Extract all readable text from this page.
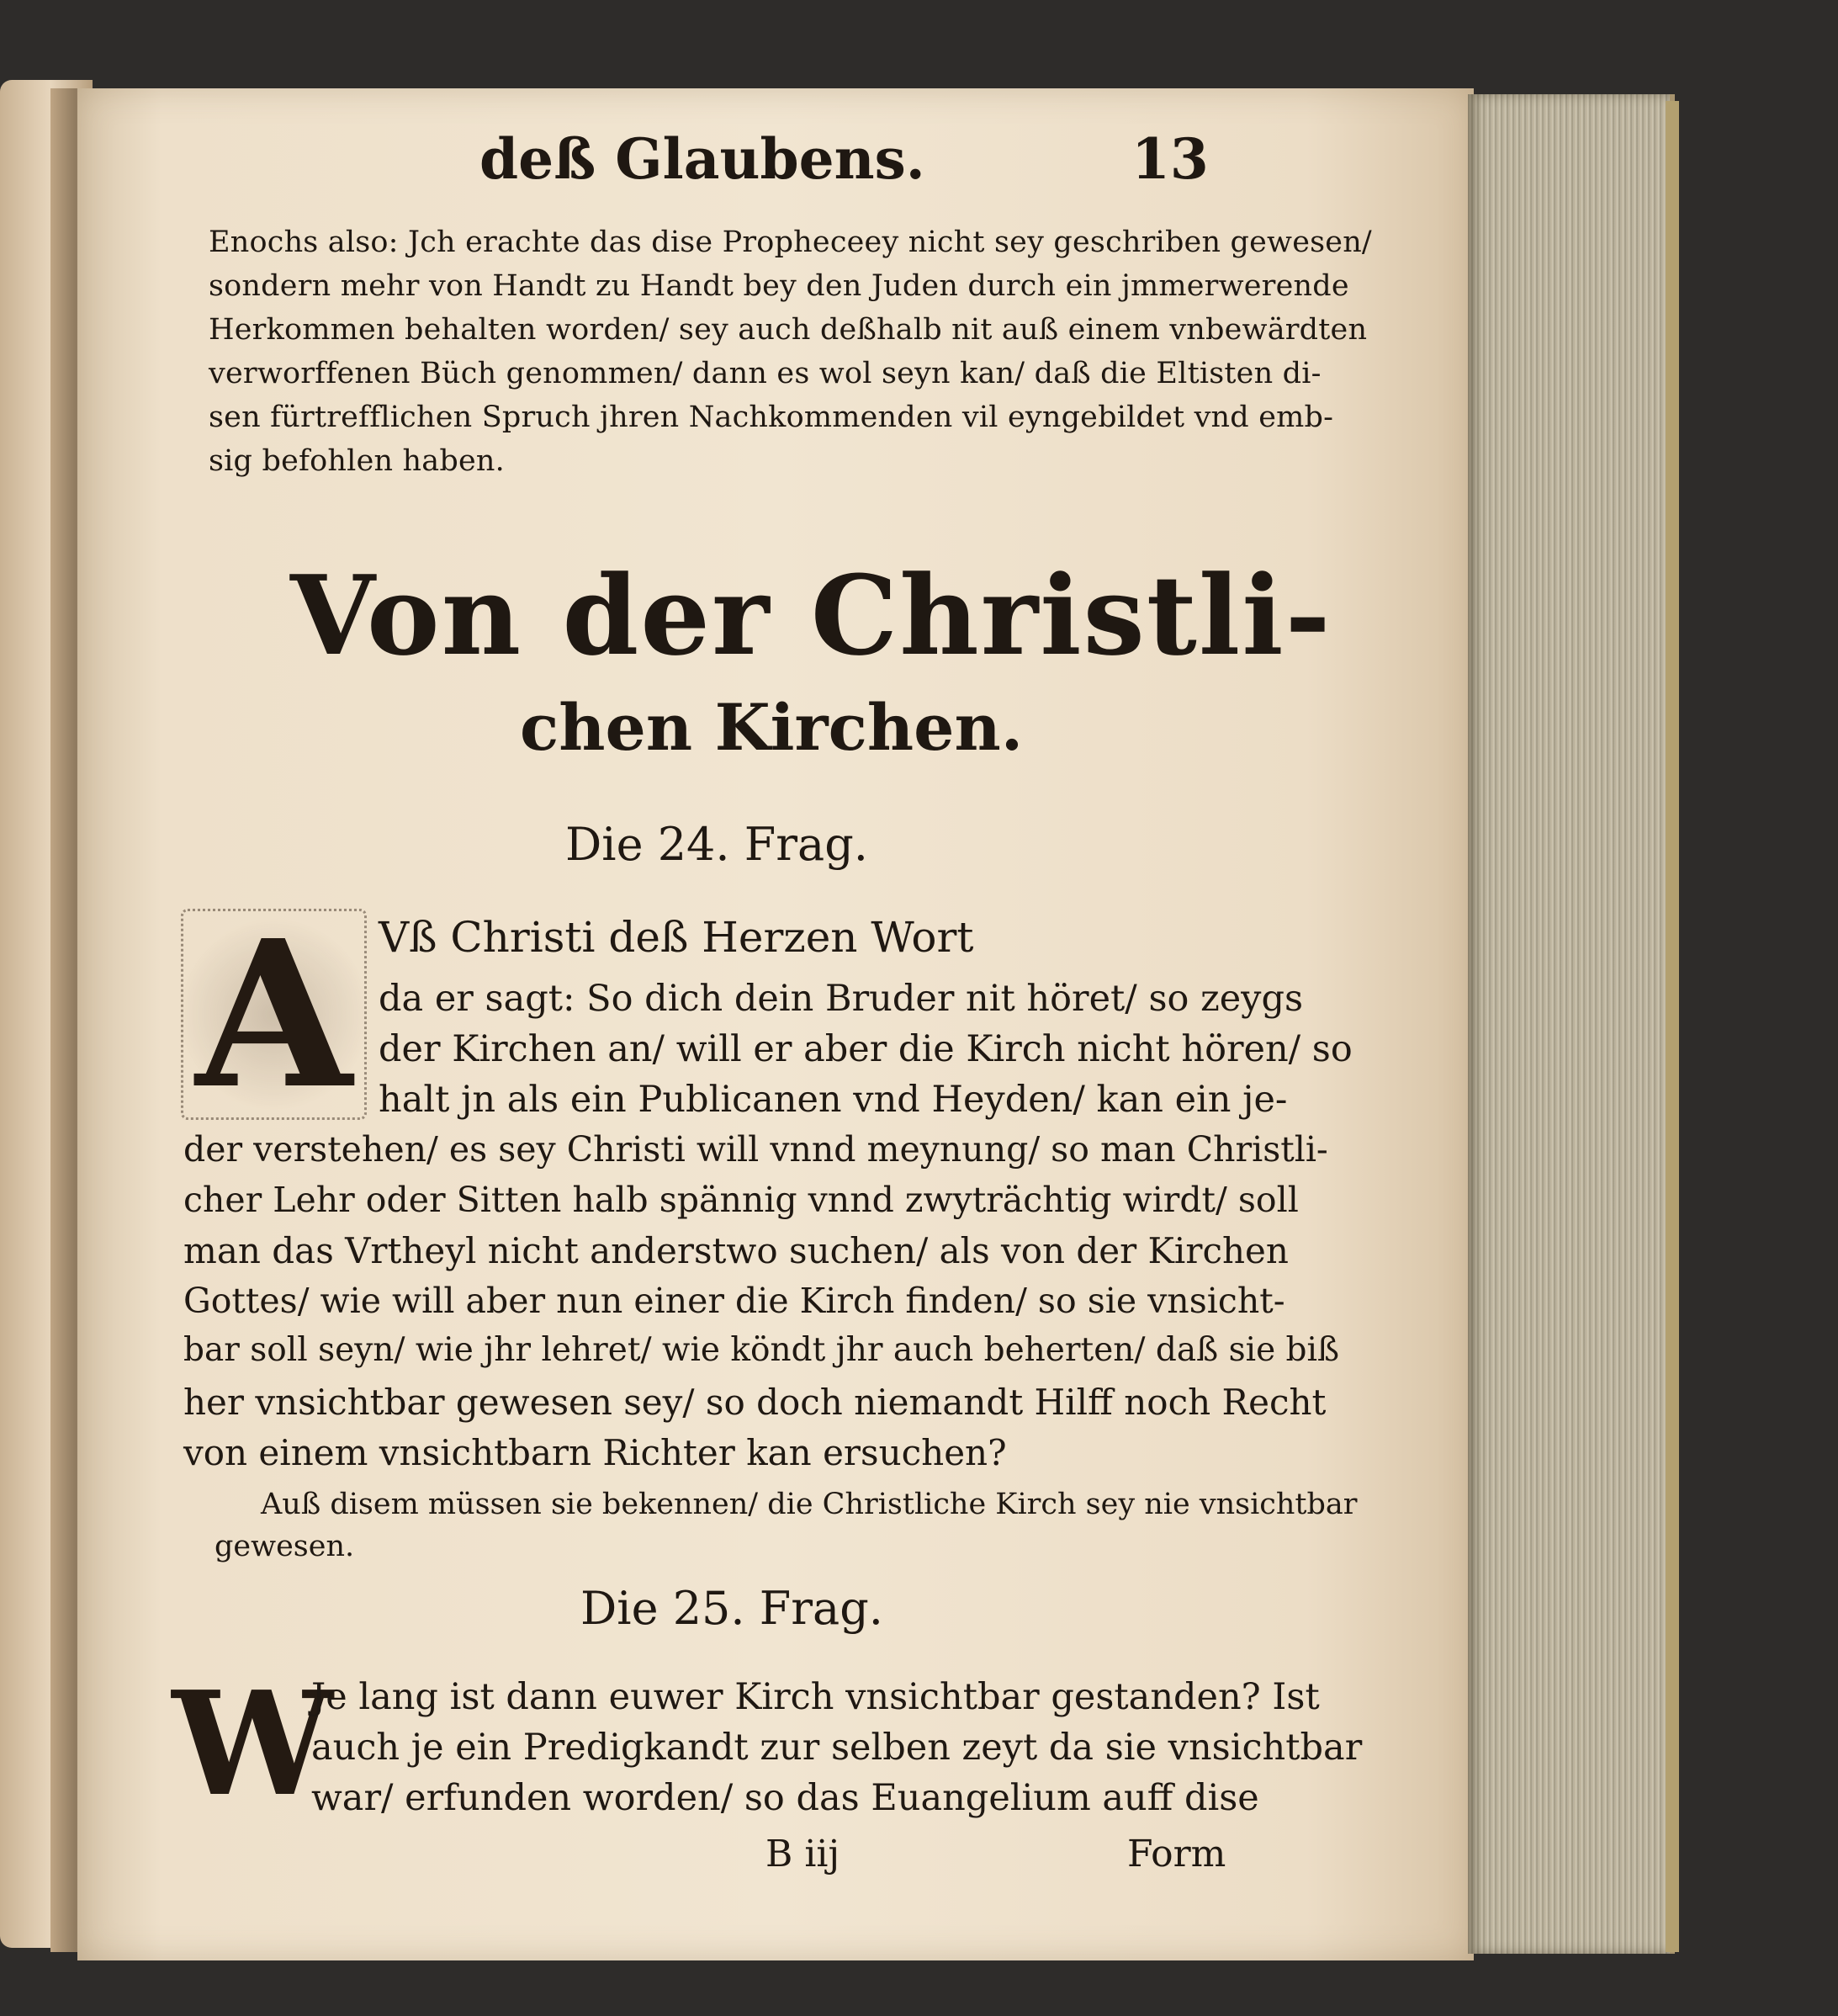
deß Glaubens.	13
Enochs also: Jch erachte das dise Propheceey nicht sey geschriben gewesen/
sondern mehr von Handt zu Handt bey den Juden durch ein jmmerwerende
Herkommen behalten worden/ sey auch deßhalb nit auß einem vnbewärdten
verworffenen Büch genommen/ dann es wol seyn kan/ daß die Eltisten di-
sen fürtrefflichen Spruch jhren Nachkommenden vil eyngebildet vnd emb-
sig befohlen haben.
Von der Christli-
chen Kirchen.
Die 24. Frag.
A Vß Christi deß Herzen Wort
da er sagt: So dich dein Bruder nit höret/ so zeygs
der Kirchen an/ will er aber die Kirch nicht hören/ so
halt jn als ein Publicanen vnd Heyden/ kan ein je-
der verstehen/ es sey Christi will vnnd meynung/ so man Christli-
cher Lehr oder Sitten halb spännig vnnd zwyträchtig wirdt/ soll
man das Vrtheyl nicht anderstwo suchen/ als von der Kirchen
Gottes/ wie will aber nun einer die Kirch finden/ so sie vnsicht-
bar soll seyn/ wie jhr lehret/ wie köndt jhr auch beherten/ daß sie biß
her vnsichtbar gewesen sey/ so doch niemandt Hilff noch Recht
von einem vnsichtbarn Richter kan ersuchen?
Auß disem müssen sie bekennen/ die Christliche Kirch sey nie vnsichtbar
gewesen.
Die 25. Frag.
W
Je lang ist dann euwer Kirch vnsichtbar gestanden? Ist
auch je ein Predigkandt zur selben zeyt da sie vnsichtbar
war/ erfunden worden/ so das Euangelium auff dise
B iij	Form
